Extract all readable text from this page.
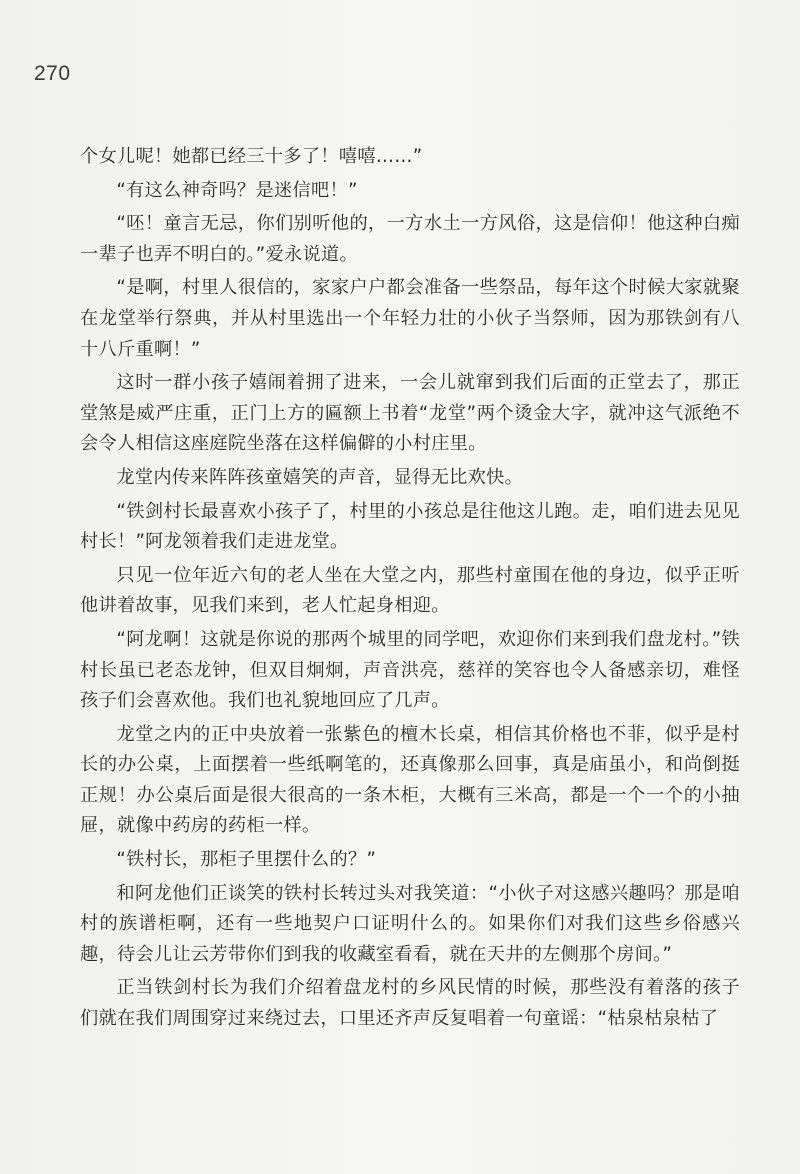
270

个女儿呢！她都已经三十多了！嘻嘻……”

“有这么神奇吗？是迷信吧！”

“呸！童言无忌，你们别听他的，一方水土一方风俗，这是信仰！他这种白痴一辈子也弄不明白的。”爱永说道。

“是啊，村里人很信的，家家户户都会准备一些祭品，每年这个时候大家就聚在龙堂举行祭典，并从村里选出一个年轻力壮的小伙子当祭师，因为那铁剑有八十八斤重啊！”

这时一群小孩子嬉闹着拥了进来，一会儿就窜到我们后面的正堂去了，那正堂煞是威严庄重，正门上方的匾额上书着“龙堂”两个烫金大字，就冲这气派绝不会令人相信这座庭院坐落在这样偏僻的小村庄里。

龙堂内传来阵阵孩童嬉笑的声音，显得无比欢快。

“铁剑村长最喜欢小孩子了，村里的小孩总是往他这儿跑。走，咱们进去见见村长！”阿龙领着我们走进龙堂。

只见一位年近六旬的老人坐在大堂之内，那些村童围在他的身边，似乎正听他讲着故事，见我们来到，老人忙起身相迎。

“阿龙啊！这就是你说的那两个城里的同学吧，欢迎你们来到我们盘龙村。”铁村长虽已老态龙钟，但双目炯炯，声音洪亮，慈祥的笑容也令人备感亲切，难怪孩子们会喜欢他。我们也礼貌地回应了几声。

龙堂之内的正中央放着一张紫色的檀木长桌，相信其价格也不菲，似乎是村长的办公桌，上面摆着一些纸啊笔的，还真像那么回事，真是庙虽小，和尚倒挺正规！办公桌后面是很大很高的一条木柜，大概有三米高，都是一个一个的小抽屉，就像中药房的药柜一样。

“铁村长，那柜子里摆什么的？”

和阿龙他们正谈笑的铁村长转过头对我笑道：“小伙子对这感兴趣吗？那是咱村的族谱柜啊，还有一些地契户口证明什么的。如果你们对我们这些乡俗感兴趣，待会儿让云芳带你们到我的收藏室看看，就在天井的左侧那个房间。”

正当铁剑村长为我们介绍着盘龙村的乡风民情的时候，那些没有着落的孩子们就在我们周围穿过来绕过去，口里还齐声反复唱着一句童谣：“枯泉枯泉枯了
